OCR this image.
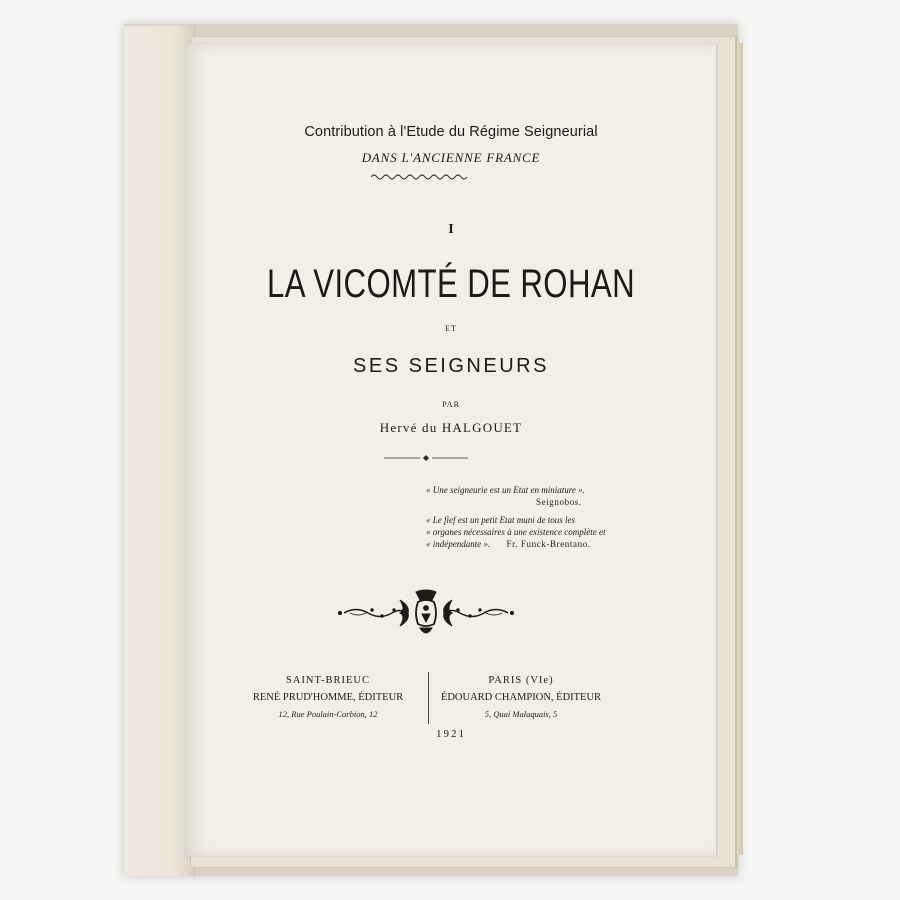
Contribution à l'Etude du Régime Seigneurial
DANS L'ANCIENNE FRANCE
I
LA VICOMTÉ DE ROHAN
ET
SES SEIGNEURS
PAR
Hervé du HALGOUET
« Une seigneurie est un Etat en miniature ».
Seignobos.
« Le fief est un petit Etat muni de tous les
« organes nécessaires à une existence complète et
« indépendante ». Fr. Funck-Brentano.
SAINT-BRIEUC
RENÉ PRUD'HOMME, ÉDITEUR
12, Rue Poulain-Corbion, 12
PARIS (VIe)
ÉDOUARD CHAMPION, ÉDITEUR
5, Quai Malaquais, 5
1921
